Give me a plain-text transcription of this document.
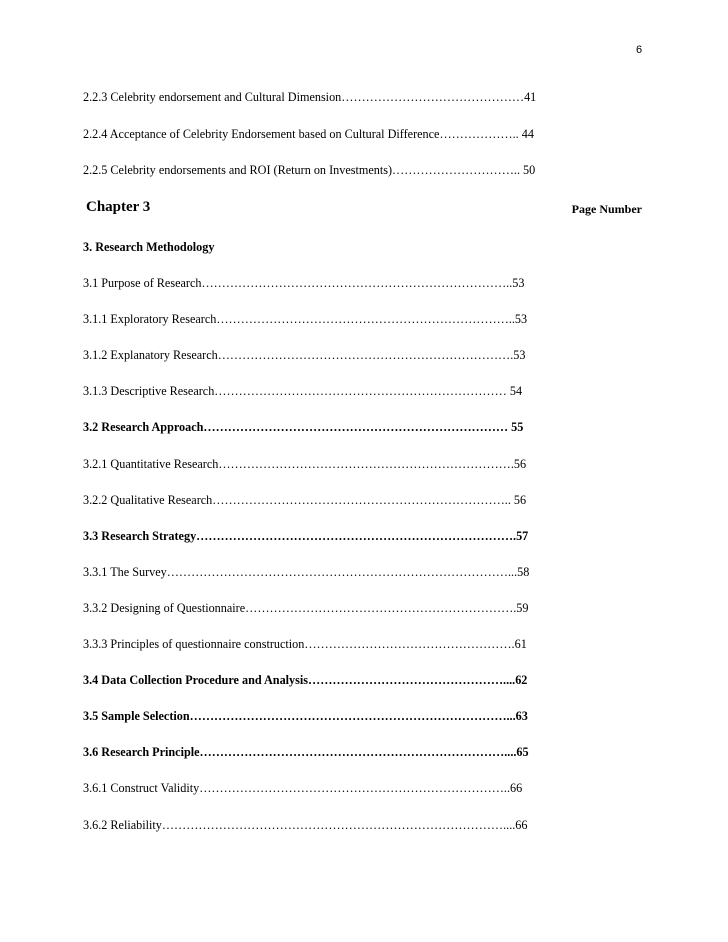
6
2.2.3 Celebrity endorsement and Cultural Dimension………………………………………41
2.2.4 Acceptance of Celebrity Endorsement based on Cultural Difference……………….. 44
2.2.5 Celebrity endorsements and ROI (Return on Investments)………………………….. 50
Chapter 3	Page Number
3. Research Methodology
3.1 Purpose of Research…………………………………………………………………..53
3.1.1 Exploratory Research………………………………………………………………..53
3.1.2 Explanatory Research……………………………………………………………….53
3.1.3 Descriptive Research……………………………………………………………… 54
3.2 Research Approach………………………………………………………………… 55
3.2.1 Quantitative Research……………………………………………………………….56
3.2.2 Qualitative Research……………………………………………………………….. 56
3.3 Research Strategy…………………………………………………………………….57
3.3.1 The Survey…………………………………………………………………………...58
3.3.2 Designing of Questionnaire………………………………………………………….59
3.3.3 Principles of questionnaire construction…………………………………………….61
3.4 Data Collection Procedure and Analysis…………………………………………....62
3.5 Sample Selection……………………………………………………………………...63
3.6 Research Principle…………………………………………………………………....65
3.6.1 Construct Validity…………………………………………………………………..66
3.6.2 Reliability…………………………………………………………………………....66
